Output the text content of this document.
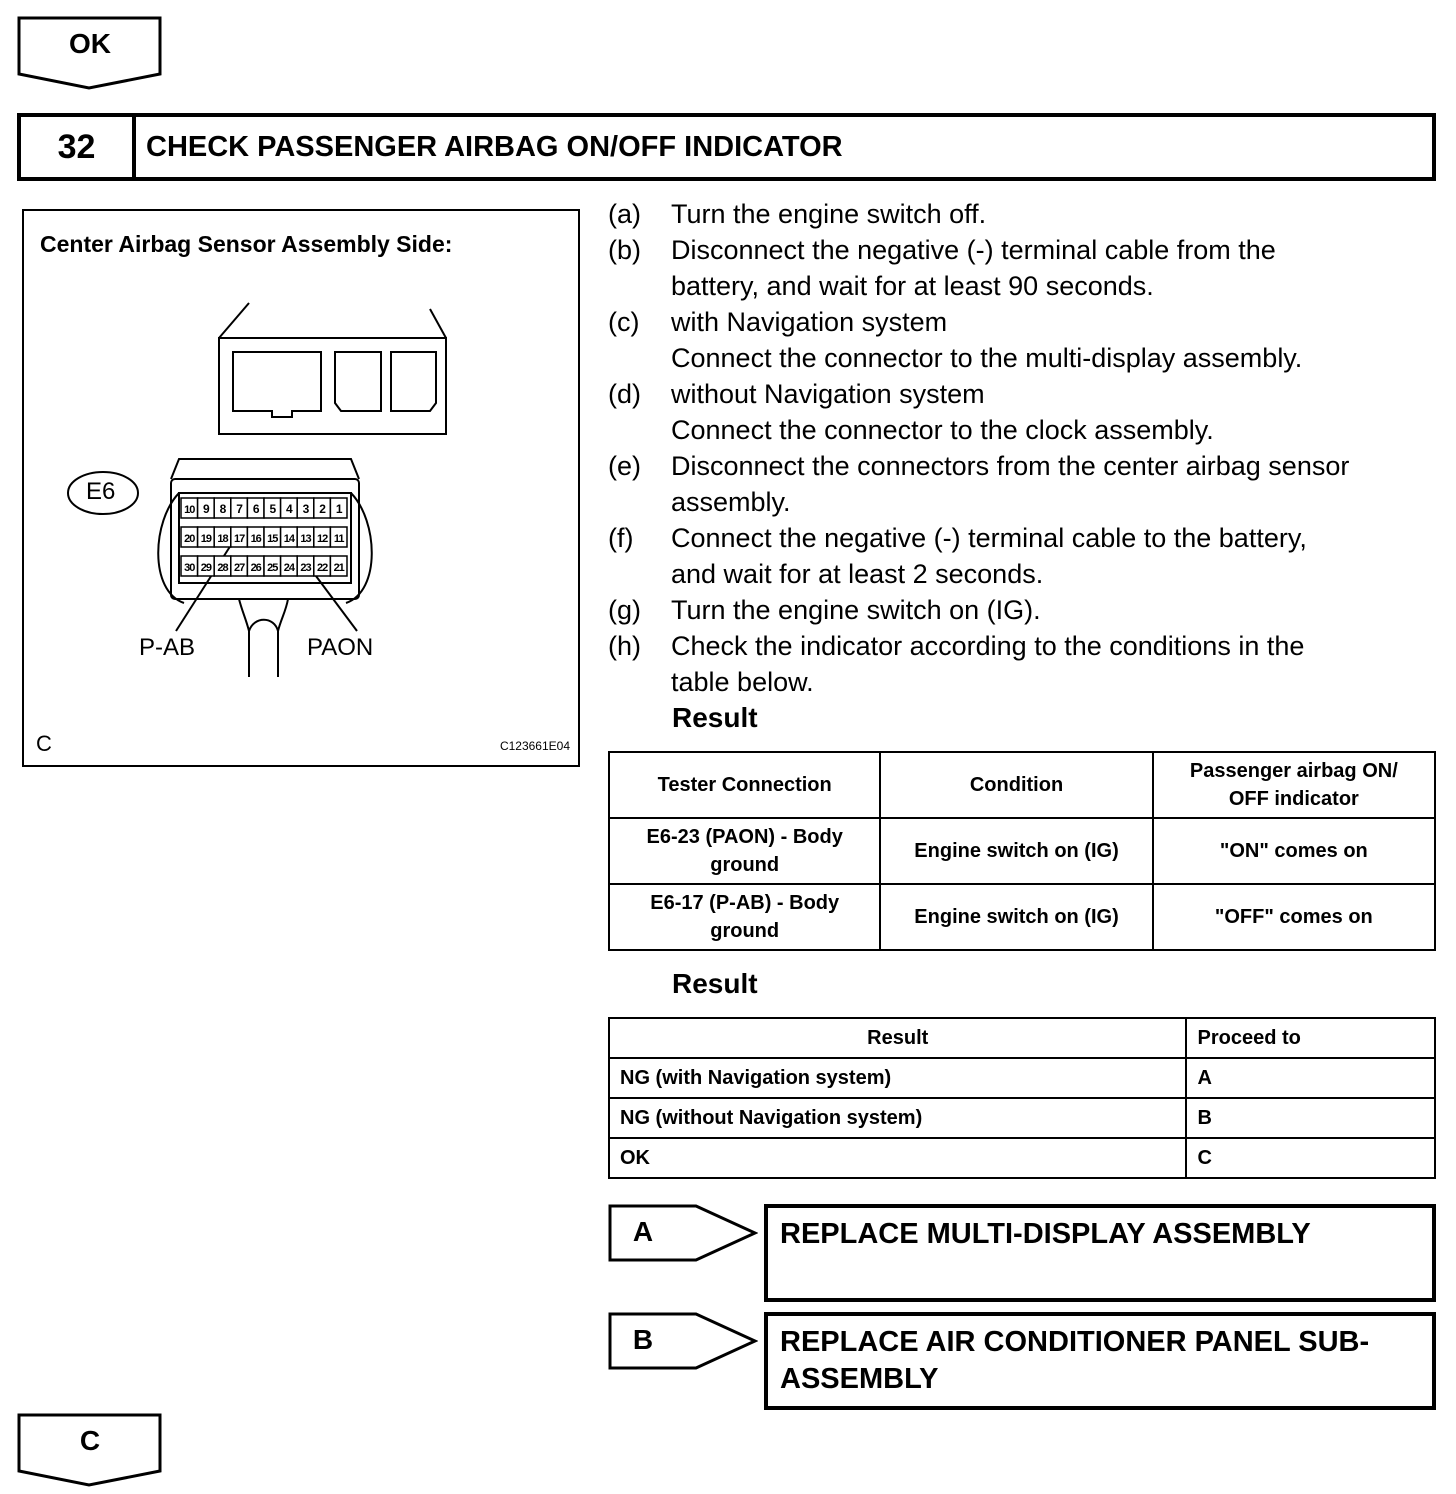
OK
32	CHECK PASSENGER AIRBAG ON/OFF INDICATOR
Center Airbag Sensor Assembly Side:
10 9 8 7 6 5 4 3 2 1
20 19 18 17 16 15 14 13 12 11
30 29 28 27 26 25 24 23 22 21
E6
P-AB	PAON
C	C123661E04
(a)	Turn the engine switch off.
(b)	Disconnect the negative (-) terminal cable from the
battery, and wait for at least 90 seconds.
(c)	with Navigation system
Connect the connector to the multi-display assembly.
(d)	without Navigation system
Connect the connector to the clock assembly.
(e)	Disconnect the connectors from the center airbag sensor
assembly.
(f)	Connect the negative (-) terminal cable to the battery,
and wait for at least 2 seconds.
(g)	Turn the engine switch on (IG).
(h)	Check the indicator according to the conditions in the
table below.
Result
Tester Connection	Condition	Passenger airbag ON/
OFF indicator
E6-23 (PAON) - Body
ground	Engine switch on (IG)	"ON" comes on
E6-17 (P-AB) - Body
ground	Engine switch on (IG)	"OFF" comes on
Result
Result	Proceed to
NG (with Navigation system)	A
NG (without Navigation system)	B
OK	C
A	REPLACE MULTI-DISPLAY ASSEMBLY
B	REPLACE AIR CONDITIONER PANEL SUB-
ASSEMBLY
C
